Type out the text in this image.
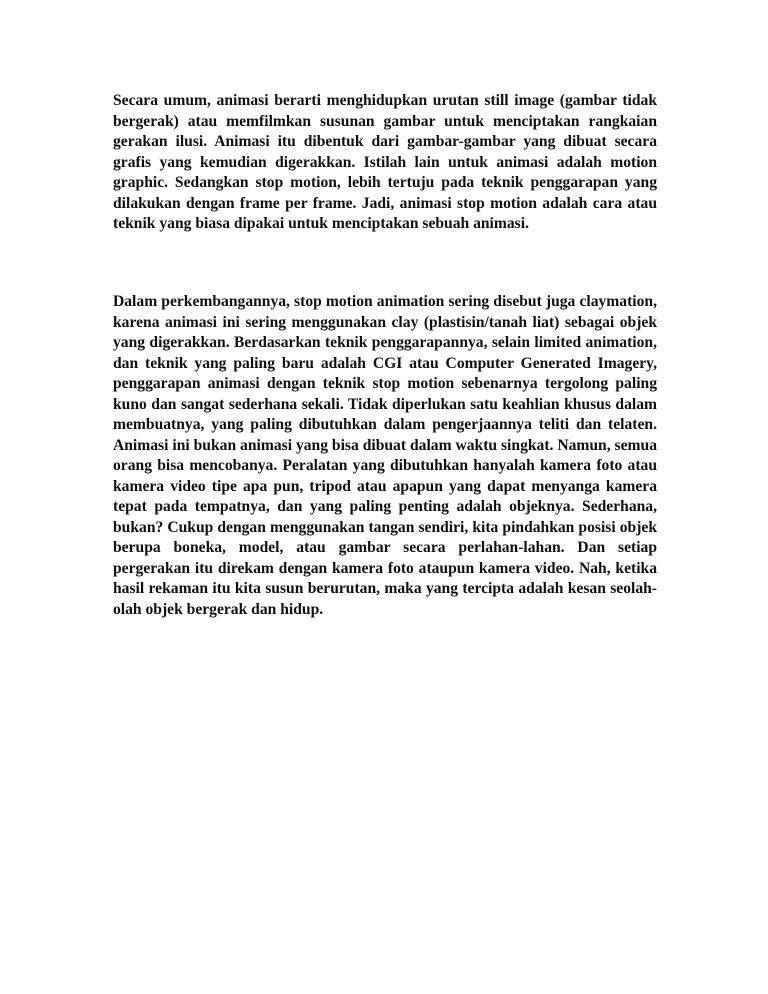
Secara umum, animasi berarti menghidupkan urutan still image (gambar tidak bergerak) atau memfilmkan susunan gambar untuk menciptakan rangkaian gerakan ilusi. Animasi itu dibentuk dari gambar-gambar yang dibuat secara grafis yang kemudian digerakkan. Istilah lain untuk animasi adalah motion graphic. Sedangkan stop motion, lebih tertuju pada teknik penggarapan yang dilakukan dengan frame per frame. Jadi, animasi stop motion adalah cara atau teknik yang biasa dipakai untuk menciptakan sebuah animasi.

Dalam perkembangannya, stop motion animation sering disebut juga claymation, karena animasi ini sering menggunakan clay (plastisin/tanah liat) sebagai objek yang digerakkan. Berdasarkan teknik penggarapannya, selain limited animation, dan teknik yang paling baru adalah CGI atau Computer Generated Imagery, penggarapan animasi dengan teknik stop motion sebenarnya tergolong paling kuno dan sangat sederhana sekali. Tidak diperlukan satu keahlian khusus dalam membuatnya, yang paling dibutuhkan dalam pengerjaannya teliti dan telaten. Animasi ini bukan animasi yang bisa dibuat dalam waktu singkat. Namun, semua orang bisa mencobanya. Peralatan yang dibutuhkan hanyalah kamera foto atau kamera video tipe apa pun, tripod atau apapun yang dapat menyanga kamera tepat pada tempatnya, dan yang paling penting adalah objeknya. Sederhana, bukan? Cukup dengan menggunakan tangan sendiri, kita pindahkan posisi objek berupa boneka, model, atau gambar secara perlahan-lahan. Dan setiap pergerakan itu direkam dengan kamera foto ataupun kamera video. Nah, ketika hasil rekaman itu kita susun berurutan, maka yang tercipta adalah kesan seolah-olah objek bergerak dan hidup.
